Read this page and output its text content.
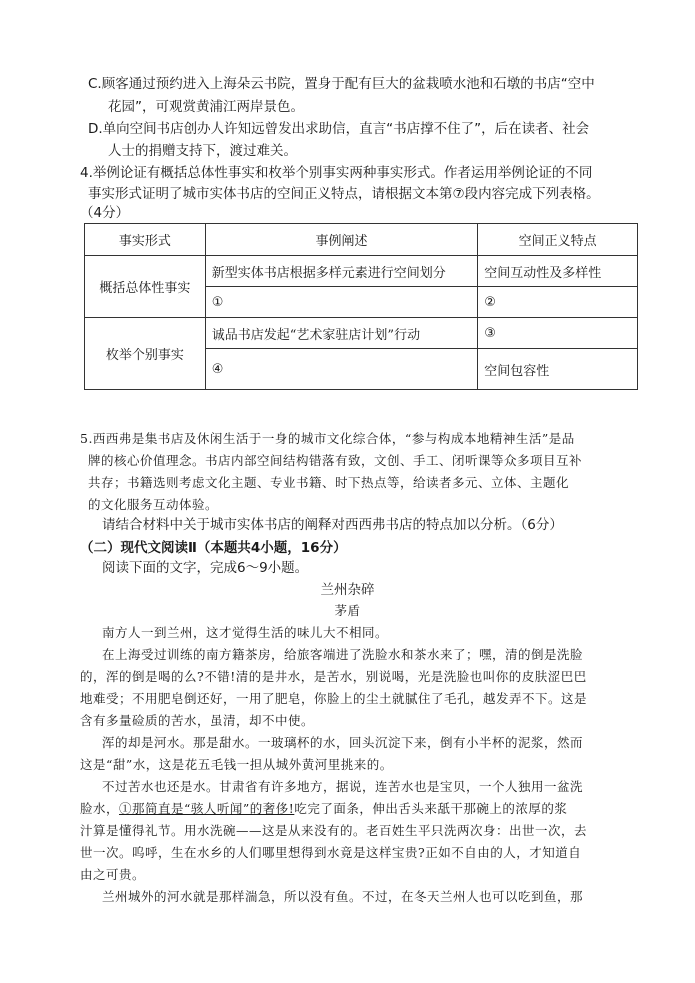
C.顾客通过预约进入上海朵云书院，置身于配有巨大的盆栽喷水池和石墩的书店“空中
花园”，可观赏黄浦江两岸景色。
D.单向空间书店创办人许知远曾发出求助信，直言“书店撑不住了”，后在读者、社会
人士的捐赠支持下，渡过难关。
4.举例论证有概括总体性事实和枚举个别事实两种事实形式。作者运用举例论证的不同
事实形式证明了城市实体书店的空间正义特点，请根据文本第⑦段内容完成下列表格。
（4分）
事实形式	事例阐述	空间正义特点
概括总体性事实	新型实体书店根据多样元素进行空间划分	空间互动性及多样性
	①	②
枚举个别事实	诚品书店发起“艺术家驻店计划”行动	③
	④	空间包容性
5.西西弗是集书店及休闲生活于一身的城市文化综合体，“参与构成本地精神生活”是品
牌的核心价值理念。书店内部空间结构错落有致，文创、手工、闭听课等众多项目互补
共存；书籍选则考虑文化主题、专业书籍、时下热点等，给读者多元、立体、主题化
的文化服务互动体验。
请结合材料中关于城市实体书店的阐释对西西弗书店的特点加以分析。（6分）
（二）现代文阅读Ⅱ（本题共4小题，16分）
阅读下面的文字，完成6～9小题。
兰州杂碎
茅盾
南方人一到兰州，这才觉得生活的味儿大不相同。
在上海受过训练的南方籍茶房，给旅客端进了洗脸水和茶水来了；嘿，清的倒是洗脸
的，浑的倒是喝的么?不错!清的是井水，是苦水，别说喝，光是洗脸也叫你的皮肤涩巴巴
地难受；不用肥皂倒还好，一用了肥皂，你脸上的尘土就腻住了毛孔，越发弄不下。这是
含有多量硷质的苦水，虽清，却不中使。
浑的却是河水。那是甜水。一玻璃杯的水，回头沉淀下来，倒有小半杯的泥浆，然而
这是“甜”水，这是花五毛钱一担从城外黄河里挑来的。
不过苦水也还是水。甘肃省有许多地方，据说，连苦水也是宝贝，一个人独用一盆洗
脸水，①那简直是“骇人听闻”的奢侈!吃完了面条，伸出舌头来舐干那碗上的浓厚的浆
汁算是懂得礼节。用水洗碗——这是从来没有的。老百姓生平只洗两次身：出世一次，去
世一次。呜呼，生在水乡的人们哪里想得到水竟是这样宝贵?正如不自由的人，才知道自
由之可贵。
兰州城外的河水就是那样湍急，所以没有鱼。不过，在冬天兰州人也可以吃到鱼，那
